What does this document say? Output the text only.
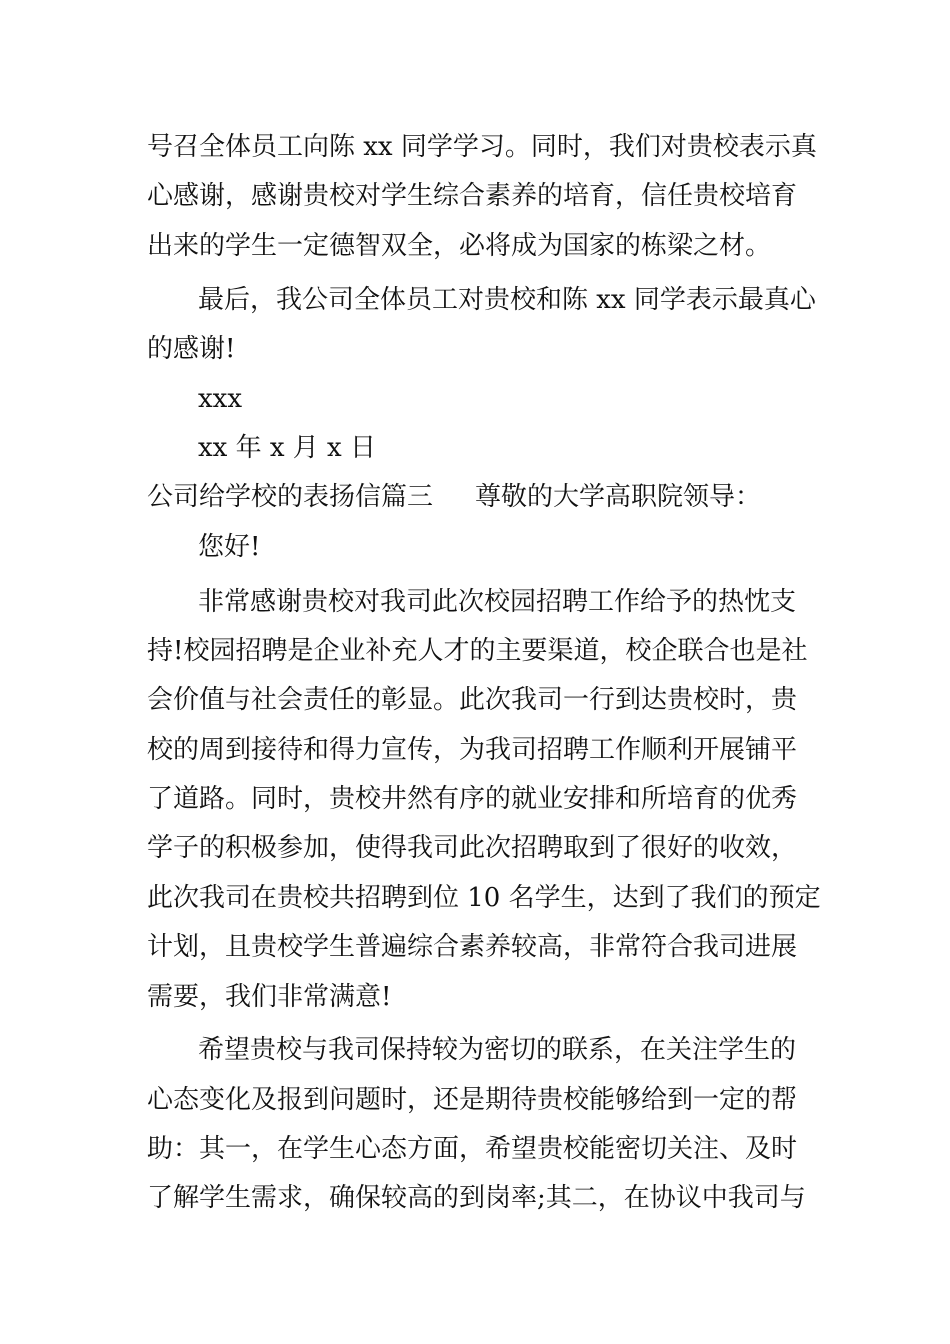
号召全体员工向陈 xx 同学学习。同时，我们对贵校表示真
心感谢，感谢贵校对学生综合素养的培育，信任贵校培育
出来的学生一定德智双全，必将成为国家的栋梁之材。
最后，我公司全体员工对贵校和陈 xx 同学表示最真心
的感谢!
xxx
xx 年 x 月 x 日
公司给学校的表扬信篇三 尊敬的大学高职院领导：
您好!
非常感谢贵校对我司此次校园招聘工作给予的热忱支
持!校园招聘是企业补充人才的主要渠道，校企联合也是社
会价值与社会责任的彰显。此次我司一行到达贵校时，贵
校的周到接待和得力宣传，为我司招聘工作顺利开展铺平
了道路。同时，贵校井然有序的就业安排和所培育的优秀
学子的积极参加，使得我司此次招聘取到了很好的收效，
此次我司在贵校共招聘到位 10 名学生，达到了我们的预定
计划，且贵校学生普遍综合素养较高，非常符合我司进展
需要，我们非常满意!
希望贵校与我司保持较为密切的联系，在关注学生的
心态变化及报到问题时，还是期待贵校能够给到一定的帮
助：其一，在学生心态方面，希望贵校能密切关注、及时
了解学生需求，确保较高的到岗率;其二，在协议中我司与
